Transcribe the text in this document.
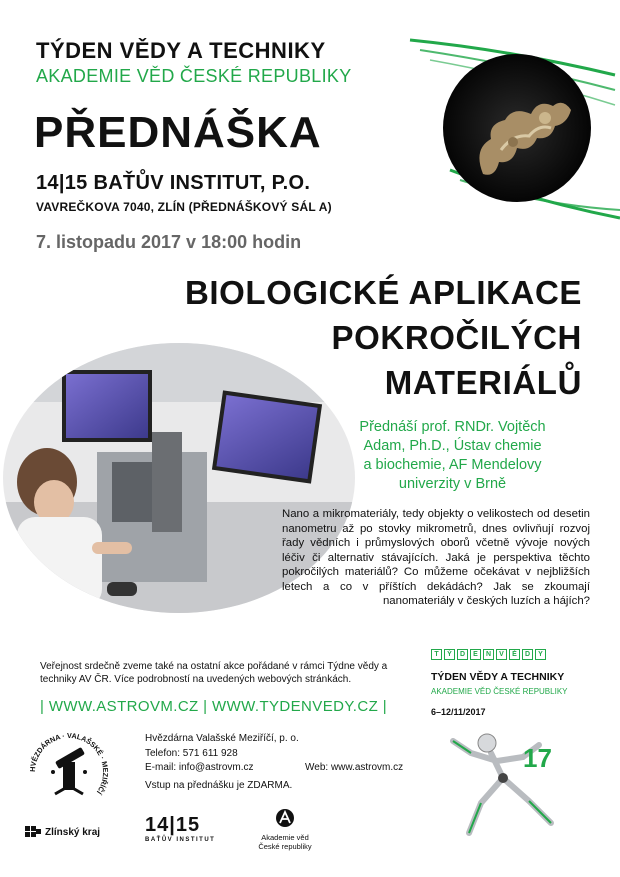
TÝDEN VĚDY A TECHNIKY
AKADEMIE VĚD ČESKÉ REPUBLIKY
PŘEDNÁŠKA
14|15 BAŤŮV INSTITUT, P.O.
VAVREČKOVA 7040, ZLÍN (PŘEDNÁŠKOVÝ SÁL A)
7. listopadu 2017 v 18:00 hodin
BIOLOGICKÉ APLIKACE
POKROČILÝCH
MATERIÁLŮ
Přednáší prof. RNDr. Vojtěch
Adam, Ph.D., Ústav chemie
a biochemie, AF Mendelovy
univerzity v Brně
Nano a mikromateriály, tedy objekty o velikostech od desetin nanometru až po stovky mikrometrů, dnes ovlivňují rozvoj řady vědních i průmyslových oborů včetně vývoje nových léčiv či alternativ stávajících. Jaká je perspektiva těchto pokročilých materiálů? Co můžeme očekávat v nejbližších letech a co v příštích dekádách? Jak se zkoumají nanomateriály v českých luzích a hájích?
Veřejnost srdečně zveme také na ostatní akce pořádané v rámci Týdne vědy a techniky AV ČR. Více podrobností na uvedených webových stránkách.
| WWW.ASTROVM.CZ | WWW.TYDENVEDY.CZ |
Hvězdárna Valašské Meziříčí, p. o.
Telefon: 571 611 928
E-mail: info@astrovm.cz	Web: www.astrovm.cz
Vstup na přednášku je ZDARMA.
HVĚZDÁRNA · VALAŠSKÉ · MEZIŘÍČÍ
Zlínský kraj 14|15
BAŤŮV INSTITUT	Akademie věd
České republiky
T	Ý	D	E	N	V	Ě	D	Y
TÝDEN VĚDY A TECHNIKY
AKADEMIE VĚD ČESKÉ REPUBLIKY
6–12/11/2017
17
